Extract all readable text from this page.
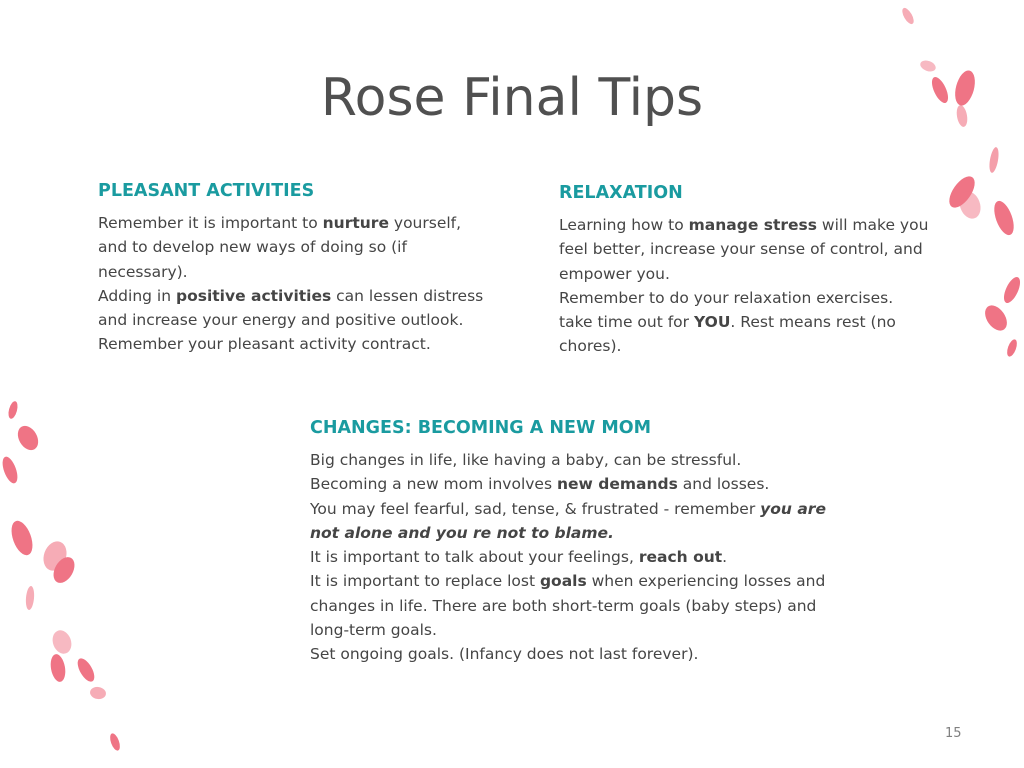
Rose Final Tips
PLEASANT ACTIVITIES
Remember it is important to nurture yourself,
and to develop new ways of doing so (if
necessary).
Adding in positive activities can lessen distress
and increase your energy and positive outlook.
Remember your pleasant activity contract.
RELAXATION
Learning how to manage stress will make you
feel better, increase your sense of control, and
empower you.
Remember to do your relaxation exercises.
take time out for YOU. Rest means rest (no
chores).
CHANGES: BECOMING A NEW MOM
Big changes in life, like having a baby, can be stressful.
Becoming a new mom involves new demands and losses.
You may feel fearful, sad, tense, & frustrated - remember you are
not alone and you re not to blame.
It is important to talk about your feelings, reach out.
It is important to replace lost goals when experiencing losses and
changes in life. There are both short-term goals (baby steps) and
long-term goals.
Set ongoing goals. (Infancy does not last forever).
15
